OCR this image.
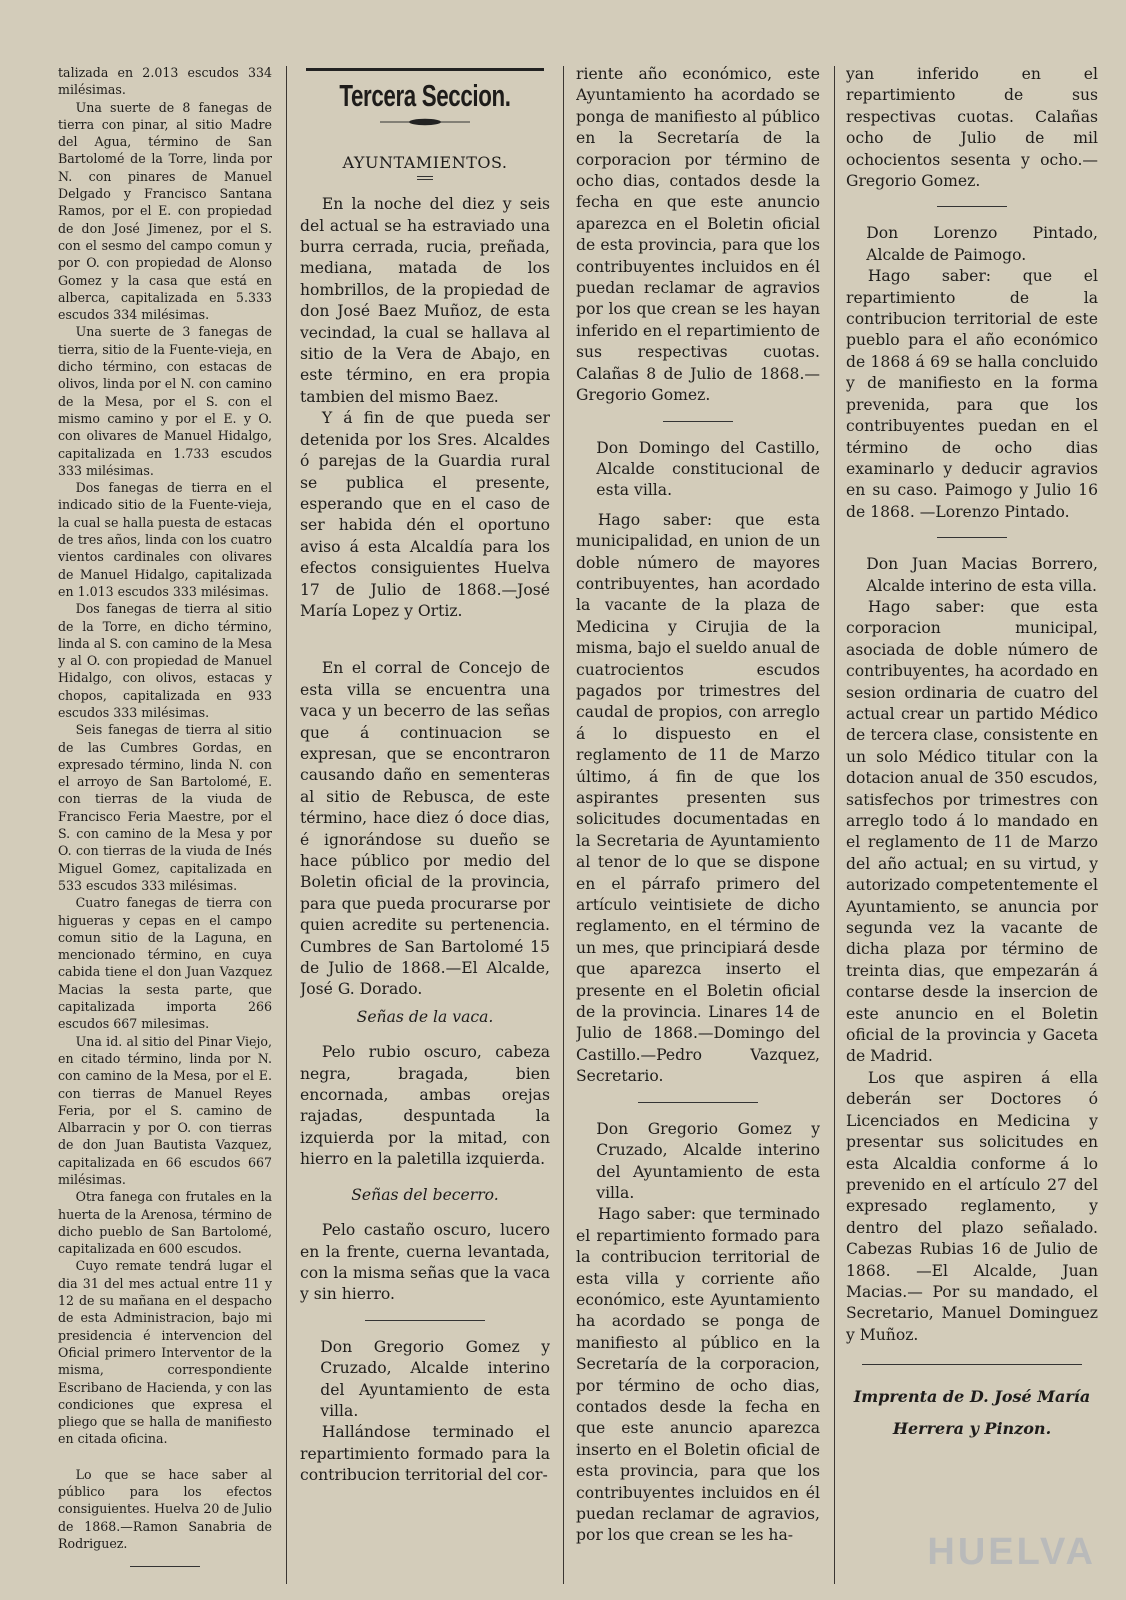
talizada en 2.013 escudos 334 milésimas.

Una suerte de 8 fanegas de tierra con pinar, al sitio Madre del Agua, término de San Bartolomé de la Torre, linda por N. con pinares de Manuel Delgado y Francisco Santana Ramos, por el E. con propiedad de don José Jimenez, por el S. con el sesmo del campo comun y por O. con propiedad de Alonso Gomez y la casa que está en alberca, capitalizada en 5.333 escudos 334 milésimas.

Una suerte de 3 fanegas de tierra, sitio de la Fuente-vieja, en dicho término, con estacas de olivos, linda por el N. con camino de la Mesa, por el S. con el mismo camino y por el E. y O. con olivares de Manuel Hidalgo, capitalizada en 1.733 escudos 333 milésimas.

Dos fanegas de tierra en el indicado sitio de la Fuente-vieja, la cual se halla puesta de estacas de tres años, linda con los cuatro vientos cardinales con olivares de Manuel Hidalgo, capitalizada en 1.013 escudos 333 milésimas.

Dos fanegas de tierra al sitio de la Torre, en dicho término, linda al S. con camino de la Mesa y al O. con propiedad de Manuel Hidalgo, con olivos, estacas y chopos, capitalizada en 933 escudos 333 milésimas.

Seis fanegas de tierra al sitio de las Cumbres Gordas, en expresado término, linda N. con el arroyo de San Bartolomé, E. con tierras de la viuda de Francisco Feria Maestre, por el S. con camino de la Mesa y por O. con tierras de la viuda de Inés Miguel Gomez, capitalizada en 533 escudos 333 milésimas.

Cuatro fanegas de tierra con higueras y cepas en el campo comun sitio de la Laguna, en mencionado término, en cuya cabida tiene el don Juan Vazquez Macias la sesta parte, que capitalizada importa 266 escudos 667 milesimas.

Una id. al sitio del Pinar Viejo, en citado término, linda por N. con camino de la Mesa, por el E. con tierras de Manuel Reyes Feria, por el S. camino de Albarracin y por O. con tierras de don Juan Bautista Vazquez, capitalizada en 66 escudos 667 milésimas.

Otra fanega con frutales en la huerta de la Arenosa, término de dicho pueblo de San Bartolomé, capitalizada en 600 escudos.

Cuyo remate tendrá lugar el dia 31 del mes actual entre 11 y 12 de su mañana en el despacho de esta Administracion, bajo mi presidencia é intervencion del Oficial primero Interventor de la misma, correspondiente Escribano de Hacienda, y con las condiciones que expresa el pliego que se halla de manifiesto en citada oficina.

Lo que se hace saber al público para los efectos consiguientes. Huelva 20 de Julio de 1868.—Ramon Sanabria de Rodriguez.

Tercera Seccion.
AYUNTAMIENTOS.

En la noche del diez y seis del actual se ha estraviado una burra cerrada, rucia, preñada, mediana, matada de los hombrillos, de la propiedad de don José Baez Muñoz, de esta vecindad, la cual se hallava al sitio de la Vera de Abajo, en este término, en era propia tambien del mismo Baez.

Y á fin de que pueda ser detenida por los Sres. Alcaldes ó parejas de la Guardia rural se publica el presente, esperando que en el caso de ser habida dén el oportuno aviso á esta Alcaldía para los efectos consiguientes Huelva 17 de Julio de 1868.—José María Lopez y Ortiz.

En el corral de Concejo de esta villa se encuentra una vaca y un becerro de las señas que á continuacion se expresan, que se encontraron causando daño en sementeras al sitio de Rebusca, de este término, hace diez ó doce dias, é ignorándose su dueño se hace público por medio del Boletin oficial de la provincia, para que pueda procurarse por quien acredite su pertenencia. Cumbres de San Bartolomé 15 de Julio de 1868.—El Alcalde, José G. Dorado.

Señas de la vaca.

Pelo rubio oscuro, cabeza negra, bragada, bien encornada, ambas orejas rajadas, despuntada la izquierda por la mitad, con hierro en la paletilla izquierda.

Señas del becerro.

Pelo castaño oscuro, lucero en la frente, cuerna levantada, con la misma señas que la vaca y sin hierro.

Don Gregorio Gomez y Cruzado, Alcalde interino del Ayuntamiento de esta villa.

Hallándose terminado el repartimiento formado para la contribucion territorial del cor-

riente año económico, este Ayuntamiento ha acordado se ponga de manifiesto al público en la Secretaría de la corporacion por término de ocho dias, contados desde la fecha en que este anuncio aparezca en el Boletin oficial de esta provincia, para que los contribuyentes incluidos en él puedan reclamar de agravios por los que crean se les hayan inferido en el repartimiento de sus respectivas cuotas. Calañas 8 de Julio de 1868.—Gregorio Gomez.

Don Domingo del Castillo, Alcalde constitucional de esta villa.

Hago saber: que esta municipalidad, en union de un doble número de mayores contribuyentes, han acordado la vacante de la plaza de Medicina y Cirujia de la misma, bajo el sueldo anual de cuatrocientos escudos pagados por trimestres del caudal de propios, con arreglo á lo dispuesto en el reglamento de 11 de Marzo último, á fin de que los aspirantes presenten sus solicitudes documentadas en la Secretaria de Ayuntamiento al tenor de lo que se dispone en el párrafo primero del artículo veintisiete de dicho reglamento, en el término de un mes, que principiará desde que aparezca inserto el presente en el Boletin oficial de la provincia. Linares 14 de Julio de 1868.—Domingo del Castillo.—Pedro Vazquez, Secretario.

Don Gregorio Gomez y Cruzado, Alcalde interino del Ayuntamiento de esta villa.

Hago saber: que terminado el repartimiento formado para la contribucion territorial de esta villa y corriente año económico, este Ayuntamiento ha acordado se ponga de manifiesto al público en la Secretaría de la corporacion, por término de ocho dias, contados desde la fecha en que este anuncio aparezca inserto en el Boletin oficial de esta provincia, para que los contribuyentes incluidos en él puedan reclamar de agravios, por los que crean se les ha-

yan inferido en el repartimiento de sus respectivas cuotas. Calañas ocho de Julio de mil ochocientos sesenta y ocho.—Gregorio Gomez.

Don Lorenzo Pintado, Alcalde de Paimogo.

Hago saber: que el repartimiento de la contribucion territorial de este pueblo para el año económico de 1868 á 69 se halla concluido y de manifiesto en la forma prevenida, para que los contribuyentes puedan en el término de ocho dias examinarlo y deducir agravios en su caso. Paimogo y Julio 16 de 1868. —Lorenzo Pintado.

Don Juan Macias Borrero, Alcalde interino de esta villa.

Hago saber: que esta corporacion municipal, asociada de doble número de contribuyentes, ha acordado en sesion ordinaria de cuatro del actual crear un partido Médico de tercera clase, consistente en un solo Médico titular con la dotacion anual de 350 escudos, satisfechos por trimestres con arreglo todo á lo mandado en el reglamento de 11 de Marzo del año actual; en su virtud, y autorizado competentemente el Ayuntamiento, se anuncia por segunda vez la vacante de dicha plaza por término de treinta dias, que empezarán á contarse desde la insercion de este anuncio en el Boletin oficial de la provincia y Gaceta de Madrid.

Los que aspiren á ella deberán ser Doctores ó Licenciados en Medicina y presentar sus solicitudes en esta Alcaldia conforme á lo prevenido en el artículo 27 del expresado reglamento, y dentro del plazo señalado. Cabezas Rubias 16 de Julio de 1868. —El Alcalde, Juan Macias.— Por su mandado, el Secretario, Manuel Dominguez y Muñoz.

Imprenta de D. José María
Herrera y Pinzon.
HUELVA
